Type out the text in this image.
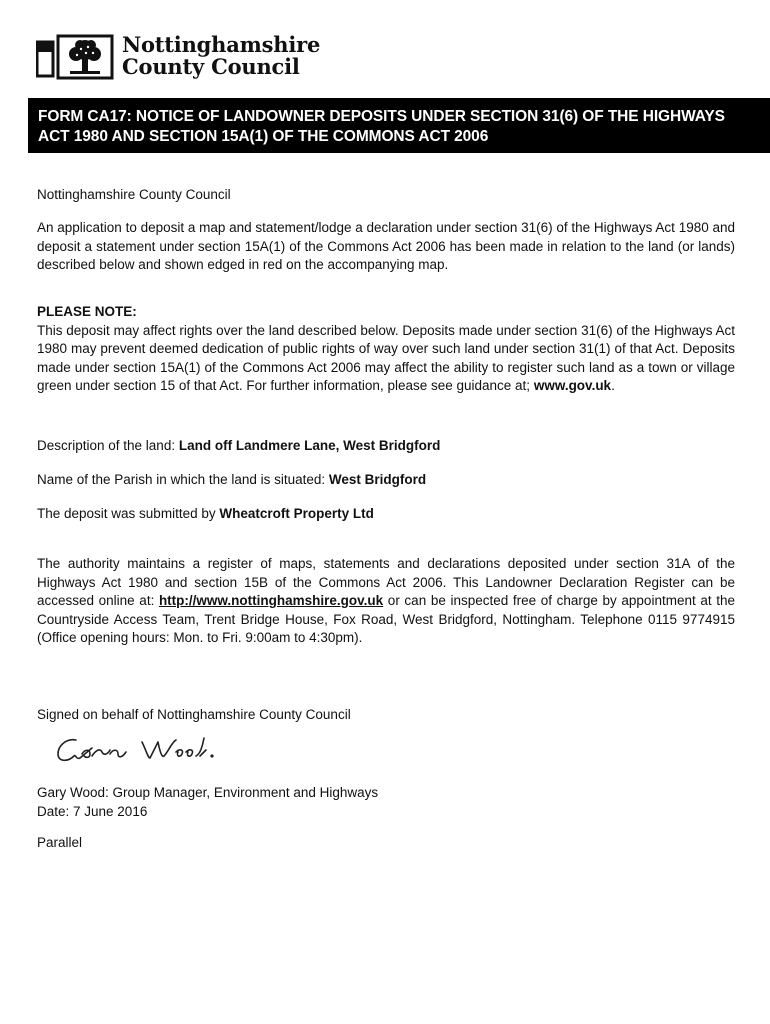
Nottinghamshire
County Council
FORM CA17: NOTICE OF LANDOWNER DEPOSITS UNDER SECTION 31(6) OF THE HIGHWAYS ACT 1980 AND SECTION 15A(1) OF THE COMMONS ACT 2006

Nottinghamshire County Council

An application to deposit a map and statement/lodge a declaration under section 31(6) of the Highways Act 1980 and deposit a statement under section 15A(1) of the Commons Act 2006 has been made in relation to the land (or lands) described below and shown edged in red on the accompanying map.

PLEASE NOTE:
This deposit may affect rights over the land described below. Deposits made under section 31(6) of the Highways Act 1980 may prevent deemed dedication of public rights of way over such land under section 31(1) of that Act. Deposits made under section 15A(1) of the Commons Act 2006 may affect the ability to register such land as a town or village green under section 15 of that Act. For further information, please see guidance at; www.gov.uk.

Description of the land: Land off Landmere Lane, West Bridgford

Name of the Parish in which the land is situated: West Bridgford

The deposit was submitted by Wheatcroft Property Ltd

The authority maintains a register of maps, statements and declarations deposited under section 31A of the Highways Act 1980 and section 15B of the Commons Act 2006. This Landowner Declaration Register can be accessed online at: http://www.nottinghamshire.gov.uk or can be inspected free of charge by appointment at the Countryside Access Team, Trent Bridge House, Fox Road, West Bridgford, Nottingham. Telephone 0115 9774915 (Office opening hours: Mon. to Fri. 9:00am to 4:30pm).

Signed on behalf of Nottinghamshire County Council

Gary Wood: Group Manager, Environment and Highways
Date: 7 June 2016

Parallel
